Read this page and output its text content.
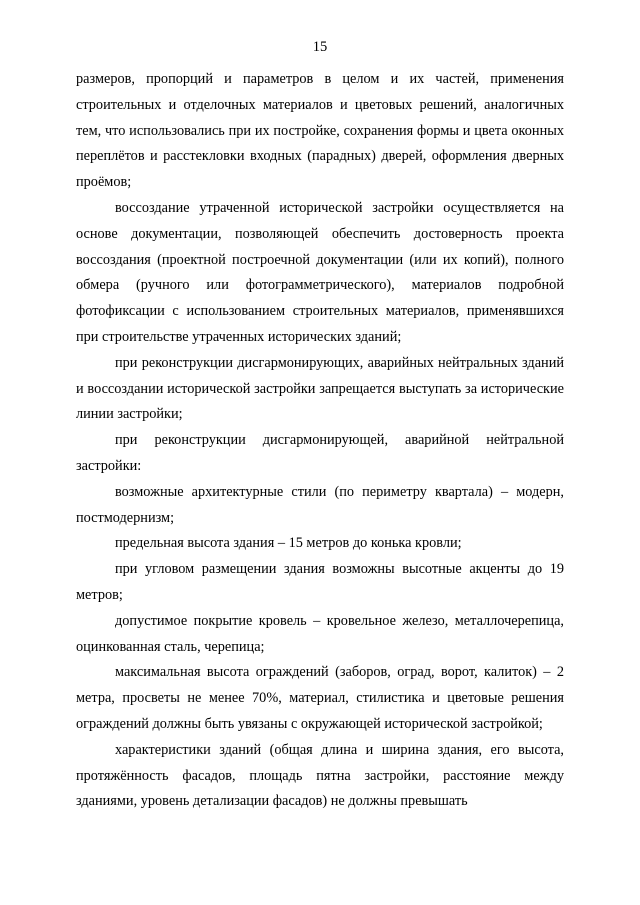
15

размеров, пропорций и параметров в целом и их частей, применения строительных и отделочных материалов и цветовых решений, аналогичных тем, что использовались при их постройке, сохранения формы и цвета оконных переплётов и расстекловки входных (парадных) дверей, оформления дверных проёмов;

воссоздание утраченной исторической застройки осуществляется на основе документации, позволяющей обеспечить достоверность проекта воссоздания (проектной построечной документации (или их копий), полного обмера (ручного или фотограмметрического), материалов подробной фотофиксации с использованием строительных материалов, применявшихся при строительстве утраченных исторических зданий;

при реконструкции дисгармонирующих, аварийных нейтральных зданий и воссоздании исторической застройки запрещается выступать за исторические линии застройки;

при реконструкции дисгармонирующей, аварийной нейтральной застройки:

возможные архитектурные стили (по периметру квартала) – модерн, постмодернизм;

предельная высота здания – 15 метров до конька кровли;

при угловом размещении здания возможны высотные акценты до 19 метров;

допустимое покрытие кровель – кровельное железо, металлочерепица, оцинкованная сталь, черепица;

максимальная высота ограждений (заборов, оград, ворот, калиток) – 2 метра, просветы не менее 70%, материал, стилистика и цветовые решения ограждений должны быть увязаны с окружающей исторической застройкой;

характеристики зданий (общая длина и ширина здания, его высота, протяжённость фасадов, площадь пятна застройки, расстояние между зданиями, уровень детализации фасадов) не должны превышать
